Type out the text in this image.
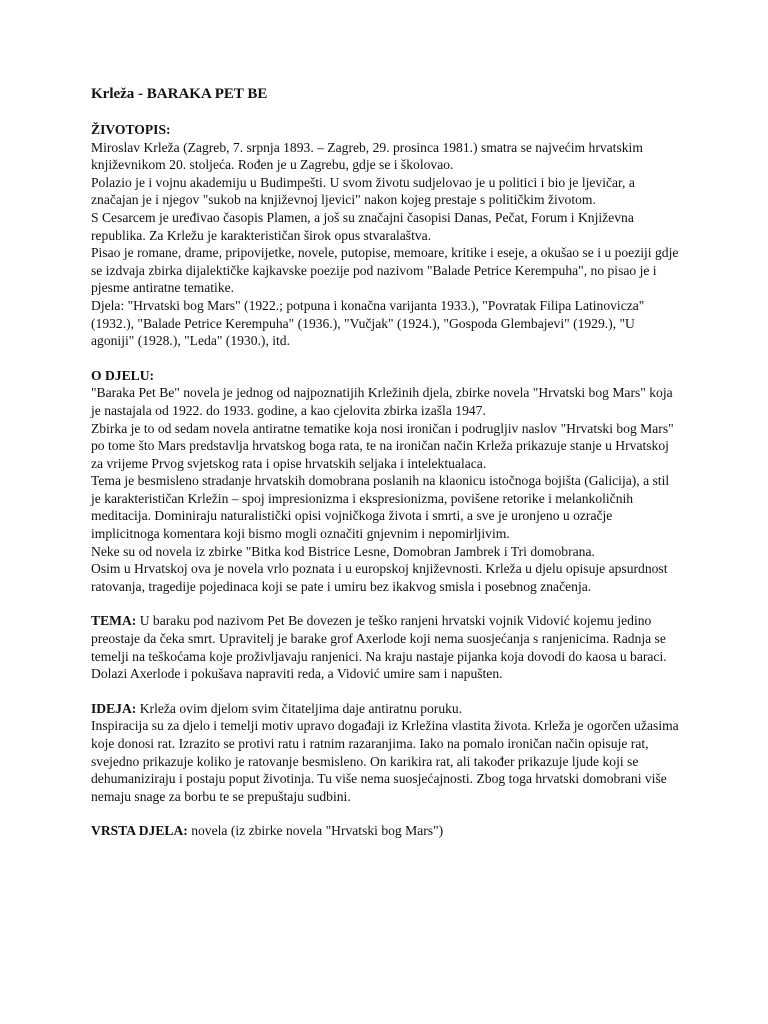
Krleža - BARAKA PET BE
ŽIVOTOPIS:

Miroslav Krleža (Zagreb, 7. srpnja 1893. – Zagreb, 29. prosinca 1981.) smatra se najvećim hrvatskim književnikom 20. stoljeća. Rođen je u Zagrebu, gdje se i školovao.

Polazio je i vojnu akademiju u Budimpešti. U svom životu sudjelovao je u politici i bio je ljevičar, a značajan je i njegov "sukob na književnoj ljevici" nakon kojeg prestaje s političkim životom.

S Cesarcem je uređivao časopis Plamen, a još su značajni časopisi Danas, Pečat, Forum i Književna republika. Za Krležu je karakterističan širok opus stvaralaštva.

Pisao je romane, drame, pripovijetke, novele, putopise, memoare, kritike i eseje, a okušao se i u poeziji gdje se izdvaja zbirka dijalektičke kajkavske poezije pod nazivom "Balade Petrice Kerempuha", no pisao je i pjesme antiratne tematike.

Djela: "Hrvatski bog Mars" (1922.; potpuna i konačna varijanta 1933.), "Povratak Filipa Latinovicza" (1932.), "Balade Petrice Kerempuha" (1936.), "Vučjak" (1924.), "Gospoda Glembajevi" (1929.), "U agoniji" (1928.), "Leda" (1930.), itd.

O DJELU:

"Baraka Pet Be" novela je jednog od najpoznatijih Krležinih djela, zbirke novela "Hrvatski bog Mars" koja je nastajala od 1922. do 1933. godine, a kao cjelovita zbirka izašla 1947.

Zbirka je to od sedam novela antiratne tematike koja nosi ironičan i podrugljiv naslov "Hrvatski bog Mars" po tome što Mars predstavlja hrvatskog boga rata, te na ironičan način Krleža prikazuje stanje u Hrvatskoj za vrijeme Prvog svjetskog rata i opise hrvatskih seljaka i intelektualaca.

Tema je besmisleno stradanje hrvatskih domobrana poslanih na klaonicu istočnoga bojišta (Galicija), a stil je karakterističan Krležin – spoj impresionizma i ekspresionizma, povišene retorike i melankoličnih meditacija. Dominiraju naturalistički opisi vojničkoga života i smrti, a sve je uronjeno u ozračje implicitnoga komentara koji bismo mogli označiti gnjevnim i nepomirljivim.

Neke su od novela iz zbirke "Bitka kod Bistrice Lesne, Domobran Jambrek i Tri domobrana.

Osim u Hrvatskoj ova je novela vrlo poznata i u europskoj književnosti. Krleža u djelu opisuje apsurdnost ratovanja, tragedije pojedinaca koji se pate i umiru bez ikakvog smisla i posebnog značenja.

TEMA: U baraku pod nazivom Pet Be dovezen je teško ranjeni hrvatski vojnik Vidović kojemu jedino preostaje da čeka smrt. Upravitelj je barake grof Axerlode koji nema suosjećanja s ranjenicima. Radnja se temelji na teškoćama koje proživljavaju ranjenici. Na kraju nastaje pijanka koja dovodi do kaosa u baraci. Dolazi Axerlode i pokušava napraviti reda, a Vidović umire sam i napušten.

IDEJA: Krleža ovim djelom svim čitateljima daje antiratnu poruku.

Inspiracija su za djelo i temelji motiv upravo događaji iz Krležina vlastita života. Krleža je ogorčen užasima koje donosi rat. Izrazito se protivi ratu i ratnim razaranjima. Iako na pomalo ironičan način opisuje rat, svejedno prikazuje koliko je ratovanje besmisleno. On karikira rat, ali također prikazuje ljude koji se dehumaniziraju i postaju poput životinja. Tu više nema suosjećajnosti. Zbog toga hrvatski domobrani više nemaju snage za borbu te se prepuštaju sudbini.

VRSTA DJELA: novela (iz zbirke novela "Hrvatski bog Mars")
